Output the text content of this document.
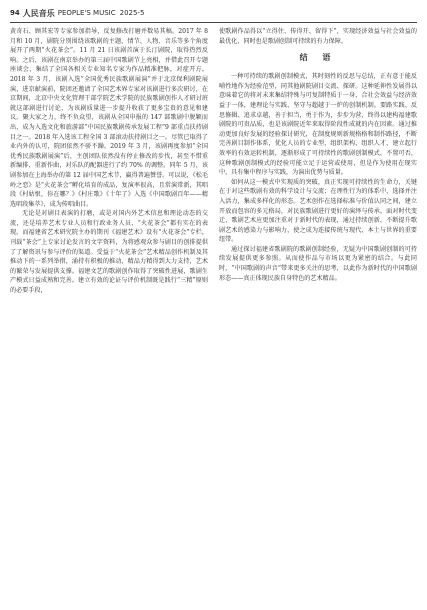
94 人民音乐 PEOPLE'S MUSIC 2025-5

黄奇石、顾其宏等专家参加指导，反复修改打磨并数易其稿。2017 年 8 月和 10 月，剧院分别围绕该歌剧的主题、情节、人物、音乐等多个角度展开了两期“火花茶会”。11 月 21 日该剧首演于长汀剧院，取得热烈反响。之后，该剧在南京举办的第三届中国歌剧节上亮相，并借此召开专题座谈会，集结了全国各相关专业知名专家为作品精准把脉，对症开方。2018 年 3 月，该剧入选“全国优秀民族歌剧展演”并于北京保利剧院展演，进京献演前，院团还邀请了全国艺术界专家对该剧进行多次研讨，在京期间，北京中央文化管理干部学院艺术学院的民族歌剧创作人才研讨班就这部剧进行讨论，为该剧质量进一步提升收获了更多宝贵的意见和建议。聚大家之力，终不负众望，该剧从全国申报的 147 部歌剧中脱颖而出，成为入选文化和旅游部“中国民族歌剧传承发展工程”9 部重点扶持剧目之一。2018 年入选该工程全国 3 部滚动扶持剧目之一。尽管已取得了业内外的认可，院团依然不骄不躁。2019 年 3 月，该剧再度参加“全国优秀民族歌剧展演”后，主创团队依然没有停止修改的步伐，甚至不惜重新编排、重新作曲，对乐队的配器进行了约 70% 的调整。同年 5 月，该剧参加在上海举办的第 12 届中国艺术节，赢得普遍赞誉。可以说，《松毛岭之恋》是“火花茶会”孵化培育的成品，复演率很高，且常演常新，其唱段《村姑恨，你在哪？》《村庄歌》《十年了》入选《中国歌剧百年——精选唱段集萃》，成为传唱曲目。

无论是对剧目表演的打磨，或是对国内外艺术信息和理论动态的交流，还是培养艺术专业人员和行政业务人员，“火花茶会”都有实在的表现。而福建省艺术研究院主办的期刊《福建艺术》设有“火花茶会”专栏，刊载“茶会”上专家讨论发言的文字资料，为将感观众参与剧目的创排提供了了解资讯与参与评价的渠道。受益于“火花茶会”艺术精品创作机制及其推动下的一系列举措，涌持有积极的推动，精品力精得到大力支持，艺术的繁荣与发展提供支撑。福建文艺的歌剧创作取得了突破性进展，歌剧生产模式日益成熟和完善。建立有效的论证与评价机制既是践行“三精”原则的必要手段，

使歌剧作品得以“立得住、传得开、留得下”，实现经济效益与社会效益的最优化，同时也是歌剧创制可持续的有力保障。

结 语

一种可持续的歌剧创制模式，其时刻性的反思与总结，正有意于能反哺性地作为经验范型，同其他剧院剧目交流、探研。这种延伸性发展得以意味着它的将对未来集结特殊与可复制特质于一身，合社会效益与经济效益于一体，建理论与实践、坚守与超越于一炉的创制机制。要路实践、反思修辑、追求卓越，善于担当，勇于作为，步步为营，终得以建构福建歌剧院的可贵品质，也是该剧院近年来取得阶段性成就的内在因素。通过推动更加良好发展的经验探讨研究，在制度规则新规格格和制作路径，不断完善剧目制作体系，优化人员的专业型、组织架构、组织人才，建立起行效率的有效运转机制，逐渐形成了可持续性的歌剧创制模式。不置可否，这种歌剧创制模式的经验可能立足于运营或使用，但是作为使用在现实中，具有集中程序与实践，为演出优势与质量。

如何从这一模式中实现质的突破，真正实现可持续性的生命力，关键在于对这些歌剧有效的科学设计与交流；在理性行为的体系中，选择并注入活力，集成多样化的形态。艺术创作在选择标准与价值认同之间，建立开放而包容的多元格局，对民族歌剧进行更好的演绎与传承。面对时代变迁，歌剧艺术应更加注重对于新时代的表现，通过持续创新，不断提升歌剧艺术的感染力与影响力，使之成为连接传统与现代、本土与世界的重要纽带。

通过探讨福建省歌剧院的歌剧创制经验，无疑为中国歌剧创制的可持续发展提供更多参照。从而使作品与市场以更为紧密的结合。与此同时，“中国歌剧的声音”带来更多关注的思考，以此作为新时代的中国歌剧形态——真正体现民族自身特色的艺术精品。
